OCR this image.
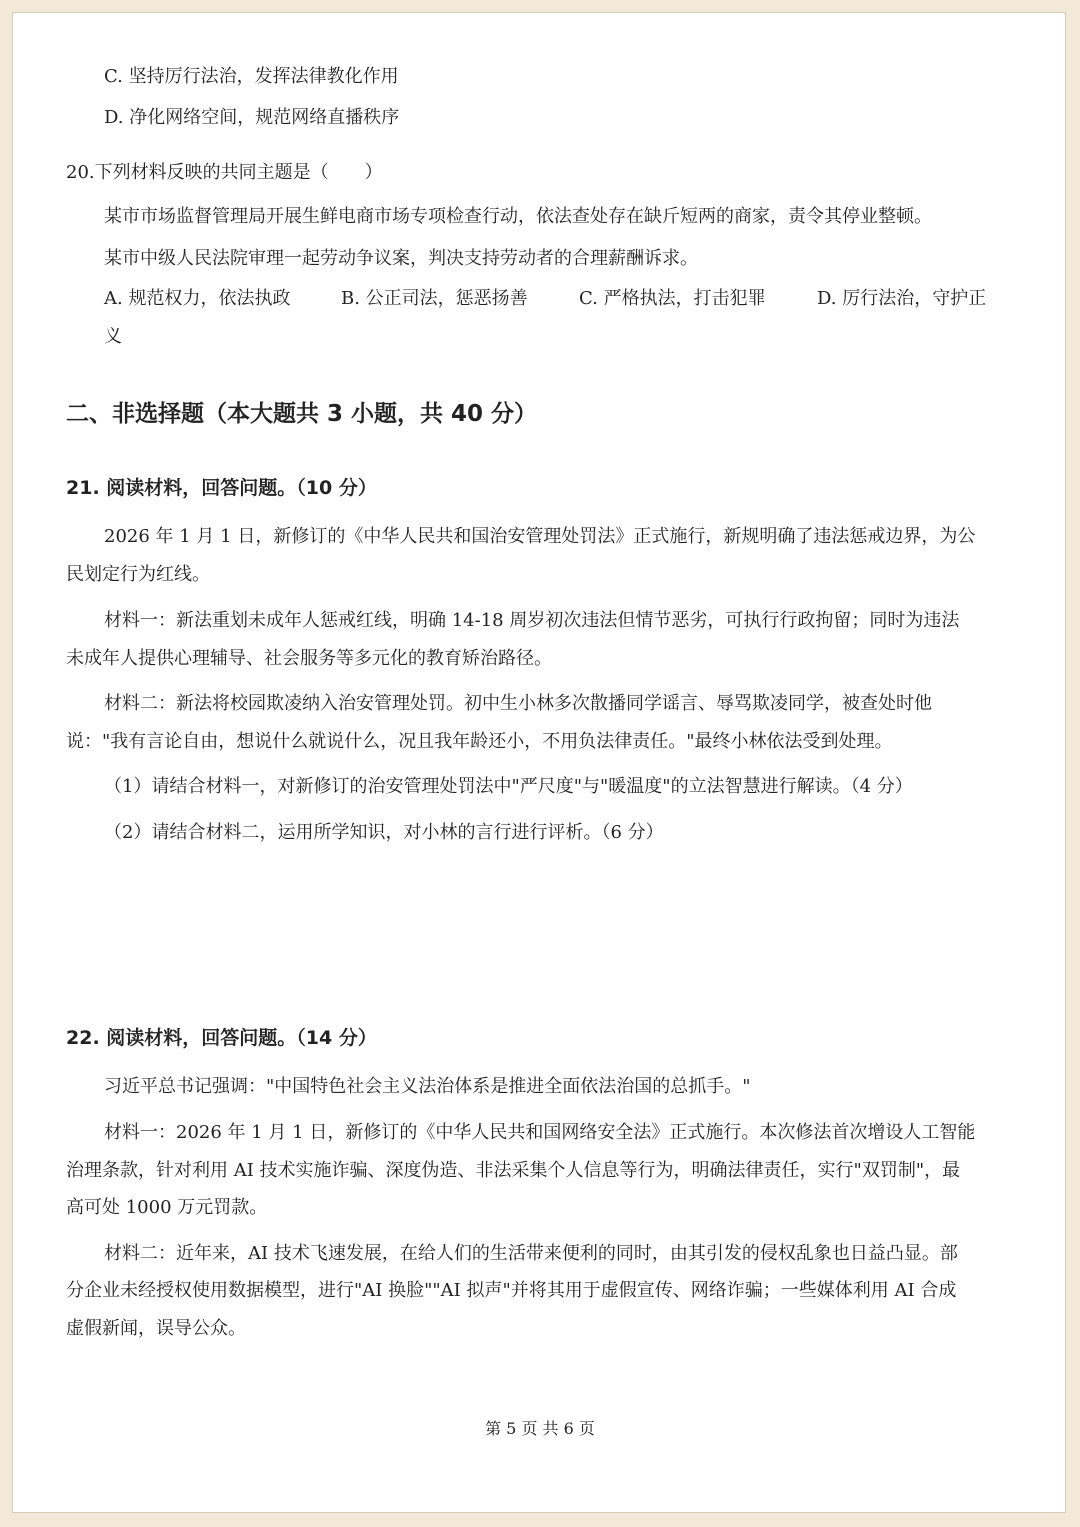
C. 坚持厉行法治，发挥法律教化作用
D. 净化网络空间，规范网络直播秩序
20.下列材料反映的共同主题是（　　）
某市市场监督管理局开展生鲜电商市场专项检查行动，依法查处存在缺斤短两的商家，责令其停业整顿。
某市中级人民法院审理一起劳动争议案，判决支持劳动者的合理薪酬诉求。
A. 规范权力，依法执政	B. 公正司法，惩恶扬善	C. 严格执法，打击犯罪	D. 厉行法治，守护正
义
二、非选择题（本大题共 3 小题，共 40 分）
21. 阅读材料，回答问题。（10 分）
2026 年 1 月 1 日，新修订的《中华人民共和国治安管理处罚法》正式施行，新规明确了违法惩戒边界，为公
民划定行为红线。
材料一：新法重划未成年人惩戒红线，明确 14-18 周岁初次违法但情节恶劣，可执行行政拘留；同时为违法
未成年人提供心理辅导、社会服务等多元化的教育矫治路径。
材料二：新法将校园欺凌纳入治安管理处罚。初中生小林多次散播同学谣言、辱骂欺凌同学，被查处时他
说："我有言论自由，想说什么就说什么，况且我年龄还小，不用负法律责任。"最终小林依法受到处理。
（1）请结合材料一，对新修订的治安管理处罚法中"严尺度"与"暖温度"的立法智慧进行解读。（4 分）
（2）请结合材料二，运用所学知识，对小林的言行进行评析。（6 分）
22. 阅读材料，回答问题。（14 分）
习近平总书记强调："中国特色社会主义法治体系是推进全面依法治国的总抓手。"
材料一：2026 年 1 月 1 日，新修订的《中华人民共和国网络安全法》正式施行。本次修法首次增设人工智能
治理条款，针对利用 AI 技术实施诈骗、深度伪造、非法采集个人信息等行为，明确法律责任，实行"双罚制"，最
高可处 1000 万元罚款。
材料二：近年来，AI 技术飞速发展，在给人们的生活带来便利的同时，由其引发的侵权乱象也日益凸显。部
分企业未经授权使用数据模型，进行"AI 换脸""AI 拟声"并将其用于虚假宣传、网络诈骗；一些媒体利用 AI 合成
虚假新闻，误导公众。
第 5 页 共 6 页
